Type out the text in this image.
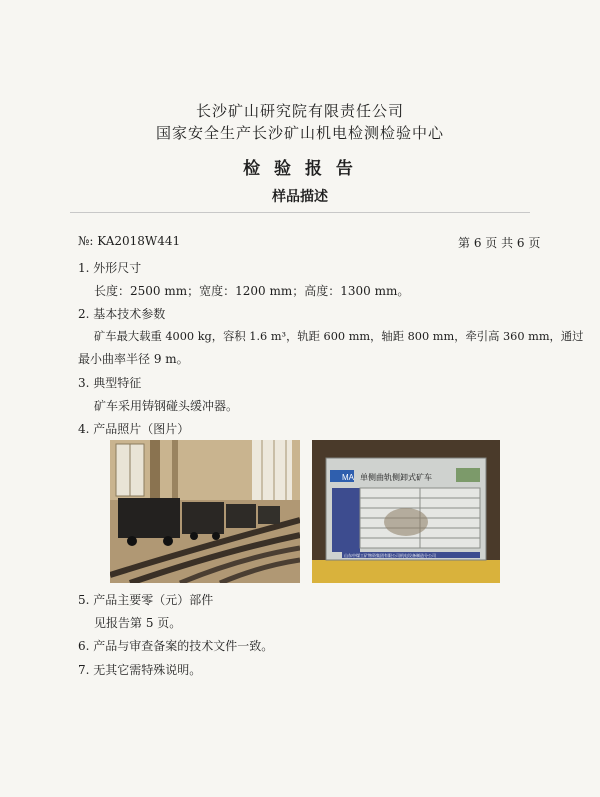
长沙矿山研究院有限责任公司
国家安全生产长沙矿山机电检测检验中心
检 验 报 告
样品描述
№: KA2018W441	第 6 页 共 6 页
1. 外形尺寸
长度：2500 mm；宽度：1200 mm；高度：1300 mm。
2. 基本技术参数
矿车最大载重 4000 kg，容积 1.6 m³，轨距 600 mm，轴距 800 mm，牵引高 360 mm，通过
最小曲率半径 9 m。
3. 典型特征
矿车采用铸钢碰头缓冲器。
4. 产品照片（图片）
MA 单侧曲轨侧卸式矿车
山东中煤工矿物资集团有限公司机电设备制造分公司
5. 产品主要零（元）部件
见报告第 5 页。
6. 产品与审查备案的技术文件一致。
7. 无其它需特殊说明。
